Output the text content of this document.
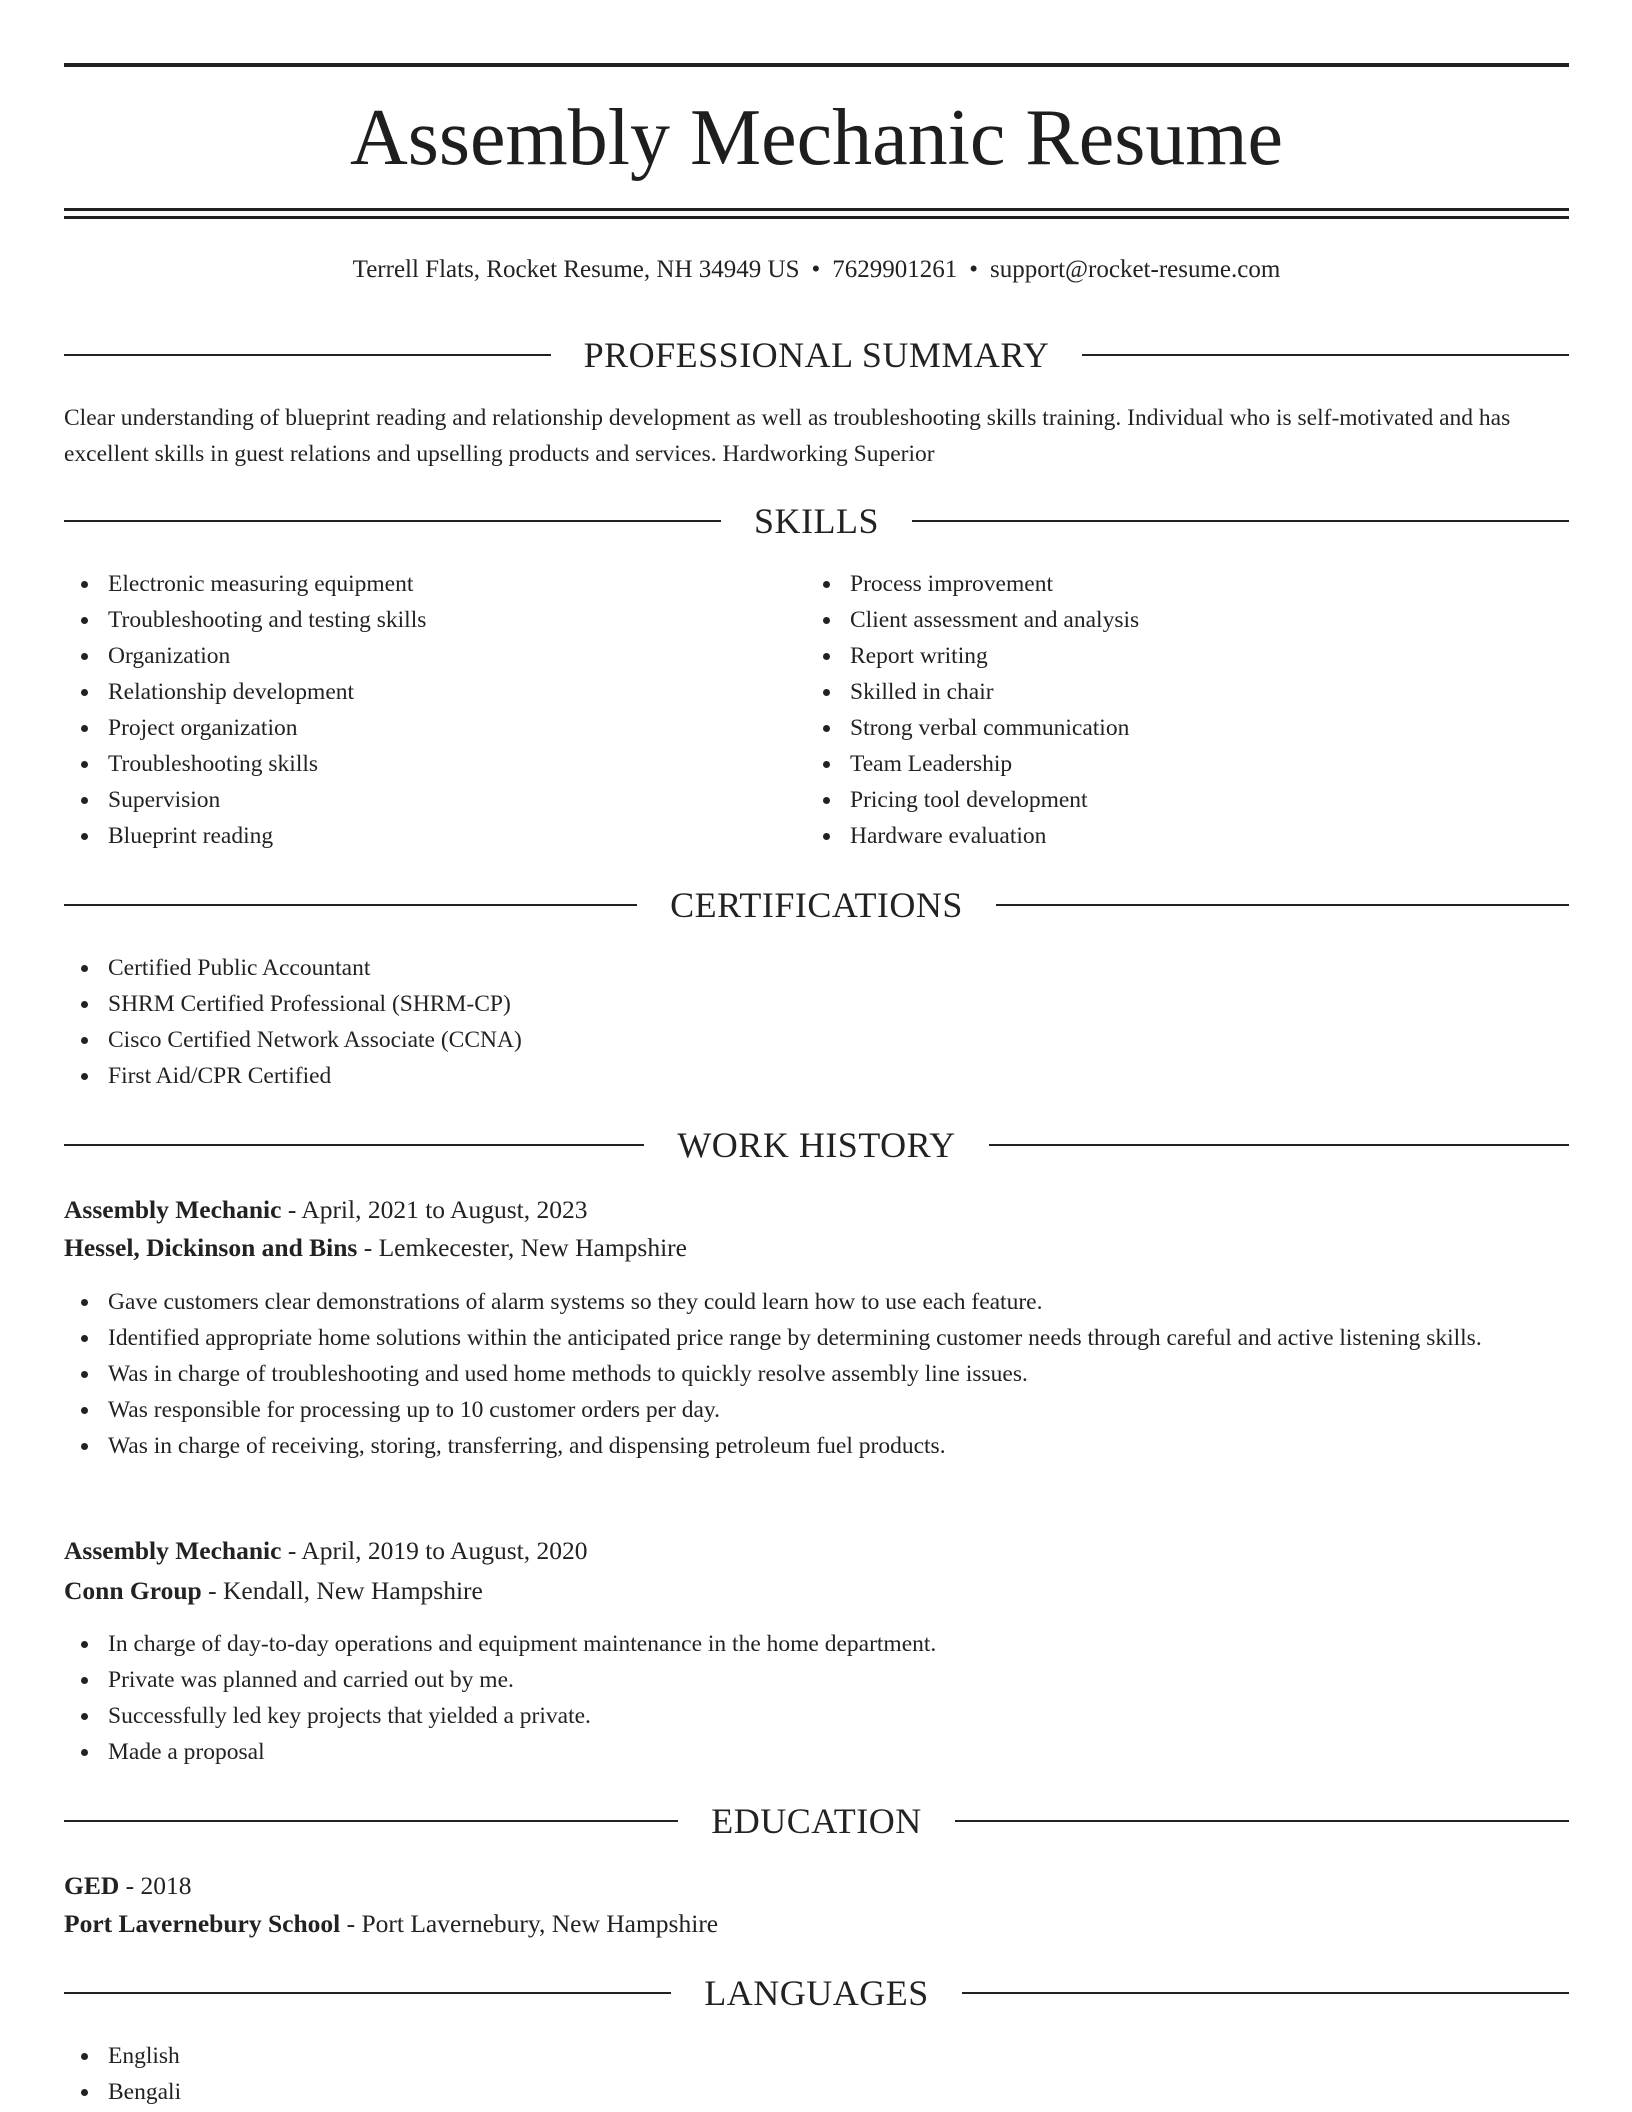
Assembly Mechanic Resume
Terrell Flats, Rocket Resume, NH 34949 US • 7629901261 • support@rocket-resume.com
PROFESSIONAL SUMMARY
Clear understanding of blueprint reading and relationship development as well as troubleshooting skills training. Individual who is self-motivated and has excellent skills in guest relations and upselling products and services. Hardworking Superior
SKILLS
Electronic measuring equipment
Troubleshooting and testing skills
Organization
Relationship development
Project organization
Troubleshooting skills
Supervision
Blueprint reading
Process improvement
Client assessment and analysis
Report writing
Skilled in chair
Strong verbal communication
Team Leadership
Pricing tool development
Hardware evaluation
CERTIFICATIONS
Certified Public Accountant
SHRM Certified Professional (SHRM-CP)
Cisco Certified Network Associate (CCNA)
First Aid/CPR Certified
WORK HISTORY
Assembly Mechanic - April, 2021 to August, 2023
Hessel, Dickinson and Bins - Lemkecester, New Hampshire
Gave customers clear demonstrations of alarm systems so they could learn how to use each feature.
Identified appropriate home solutions within the anticipated price range by determining customer needs through careful and active listening skills.
Was in charge of troubleshooting and used home methods to quickly resolve assembly line issues.
Was responsible for processing up to 10 customer orders per day.
Was in charge of receiving, storing, transferring, and dispensing petroleum fuel products.
Assembly Mechanic - April, 2019 to August, 2020
Conn Group - Kendall, New Hampshire
In charge of day-to-day operations and equipment maintenance in the home department.
Private was planned and carried out by me.
Successfully led key projects that yielded a private.
Made a proposal
EDUCATION
GED - 2018
Port Lavernebury School - Port Lavernebury, New Hampshire
LANGUAGES
English
Bengali
